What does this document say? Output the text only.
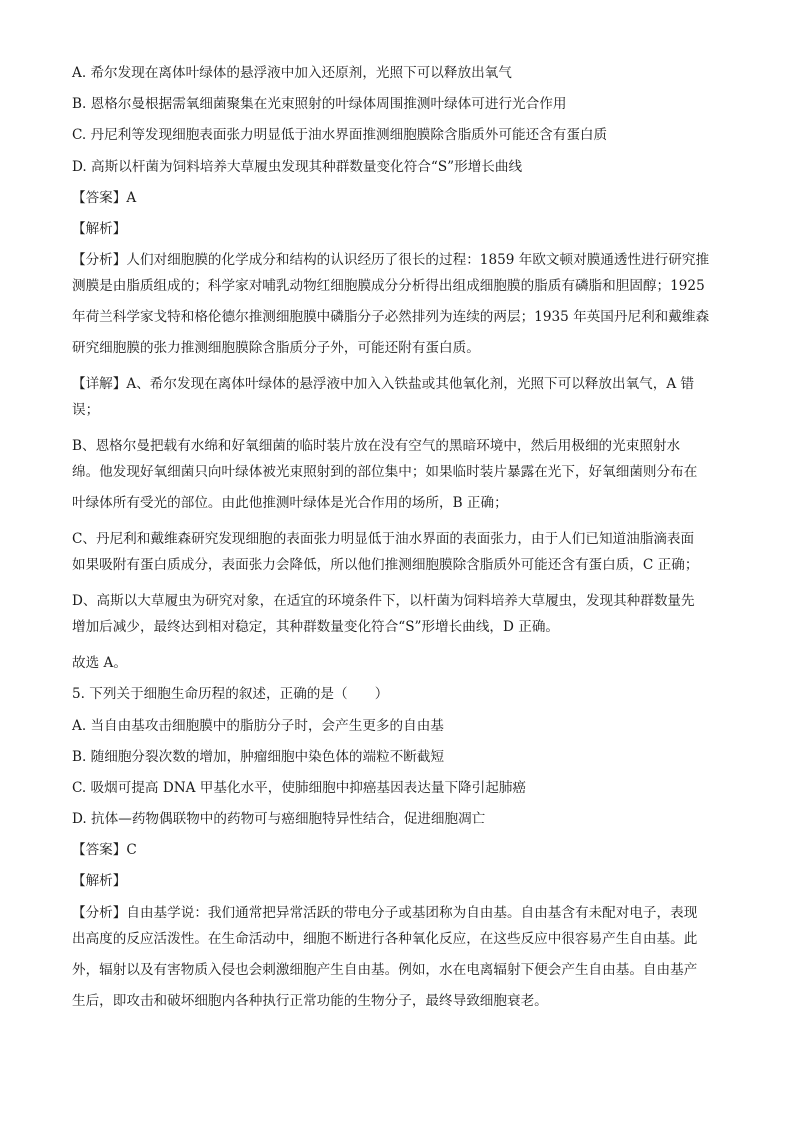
A. 希尔发现在离体叶绿体的悬浮液中加入还原剂，光照下可以释放出氧气

B. 恩格尔曼根据需氧细菌聚集在光束照射的叶绿体周围推测叶绿体可进行光合作用

C. 丹尼利等发现细胞表面张力明显低于油水界面推测细胞膜除含脂质外可能还含有蛋白质

D. 高斯以杆菌为饲料培养大草履虫发现其种群数量变化符合“S”形增长曲线

【答案】A

【解析】

【分析】人们对细胞膜的化学成分和结构的认识经历了很长的过程：1859 年欧文顿对膜通透性进行研究推
测膜是由脂质组成的；科学家对哺乳动物红细胞膜成分分析得出组成细胞膜的脂质有磷脂和胆固醇；1925
年荷兰科学家戈特和格伦德尔推测细胞膜中磷脂分子必然排列为连续的两层；1935 年英国丹尼利和戴维森
研究细胞膜的张力推测细胞膜除含脂质分子外，可能还附有蛋白质。
【详解】A、希尔发现在离体叶绿体的悬浮液中加入入铁盐或其他氧化剂，光照下可以释放出氧气，A 错
误；
B、恩格尔曼把载有水绵和好氧细菌的临时装片放在没有空气的黑暗环境中，然后用极细的光束照射水
绵。他发现好氧细菌只向叶绿体被光束照射到的部位集中；如果临时装片暴露在光下，好氧细菌则分布在
叶绿体所有受光的部位。由此他推测叶绿体是光合作用的场所，B 正确；
C、丹尼利和戴维森研究发现细胞的表面张力明显低于油水界面的表面张力，由于人们已知道油脂滴表面
如果吸附有蛋白质成分，表面张力会降低，所以他们推测细胞膜除含脂质外可能还含有蛋白质，C 正确；
D、高斯以大草履虫为研究对象，在适宜的环境条件下，以杆菌为饲料培养大草履虫，发现其种群数量先
增加后减少，最终达到相对稳定，其种群数量变化符合“S”形增长曲线，D 正确。

故选 A。

5. 下列关于细胞生命历程的叙述，正确的是（　　）

A. 当自由基攻击细胞膜中的脂肪分子时，会产生更多的自由基

B. 随细胞分裂次数的增加，肿瘤细胞中染色体的端粒不断截短

C. 吸烟可提高 DNA 甲基化水平，使肺细胞中抑癌基因表达量下降引起肺癌

D. 抗体—药物偶联物中的药物可与癌细胞特异性结合，促进细胞凋亡

【答案】C

【解析】

【分析】自由基学说：我们通常把异常活跃的带电分子或基团称为自由基。自由基含有未配对电子，表现
出高度的反应活泼性。在生命活动中，细胞不断进行各种氧化反应，在这些反应中很容易产生自由基。此
外，辐射以及有害物质入侵也会刺激细胞产生自由基。例如，水在电离辐射下便会产生自由基。自由基产
生后，即攻击和破坏细胞内各种执行正常功能的生物分子，最终导致细胞衰老。
